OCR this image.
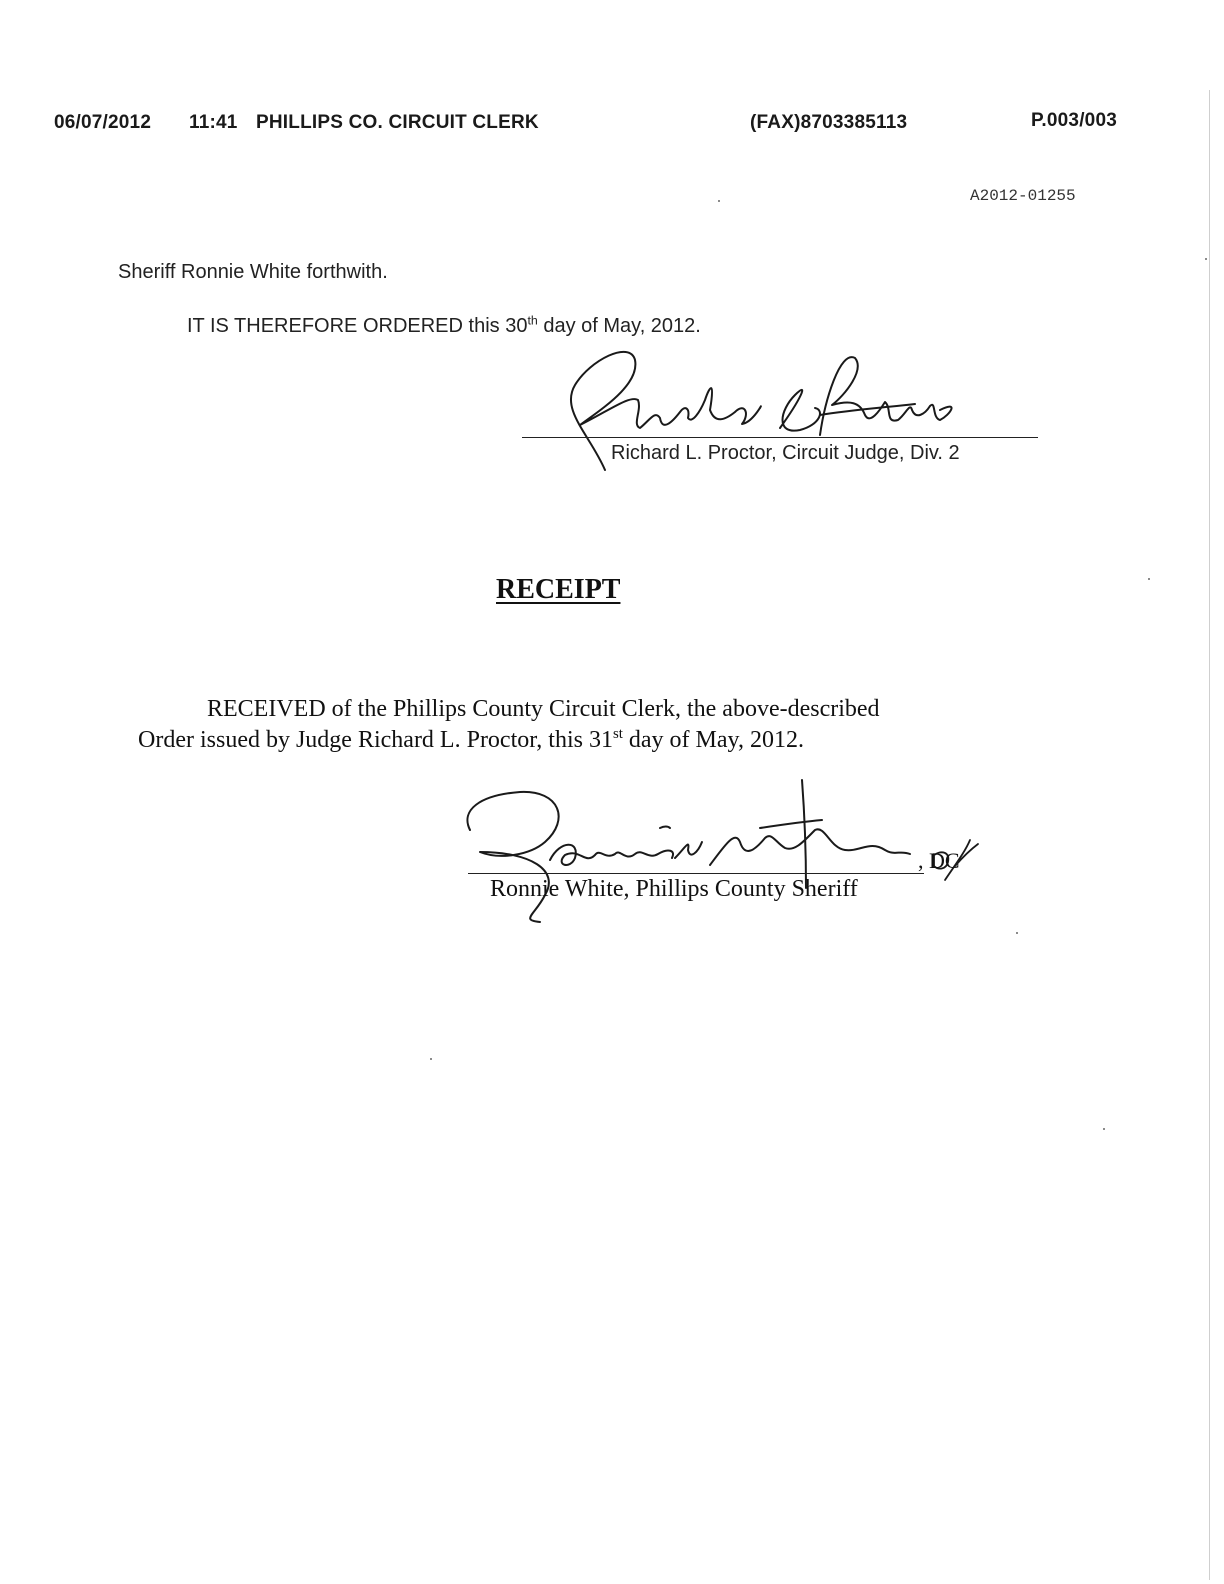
06/07/2012 11:41 PHILLIPS CO. CIRCUIT CLERK	(FAX)8703385113	P.003/003
A2012-01255
Sheriff Ronnie White forthwith.
IT IS THEREFORE ORDERED this 30th day of May, 2012.
Richard L. Proctor, Circuit Judge, Div. 2
RECEIPT
RECEIVED of the Phillips County Circuit Clerk, the above-described
Order issued by Judge Richard L. Proctor, this 31st day of May, 2012.
Ronnie White, Phillips County Sheriff
, DC
